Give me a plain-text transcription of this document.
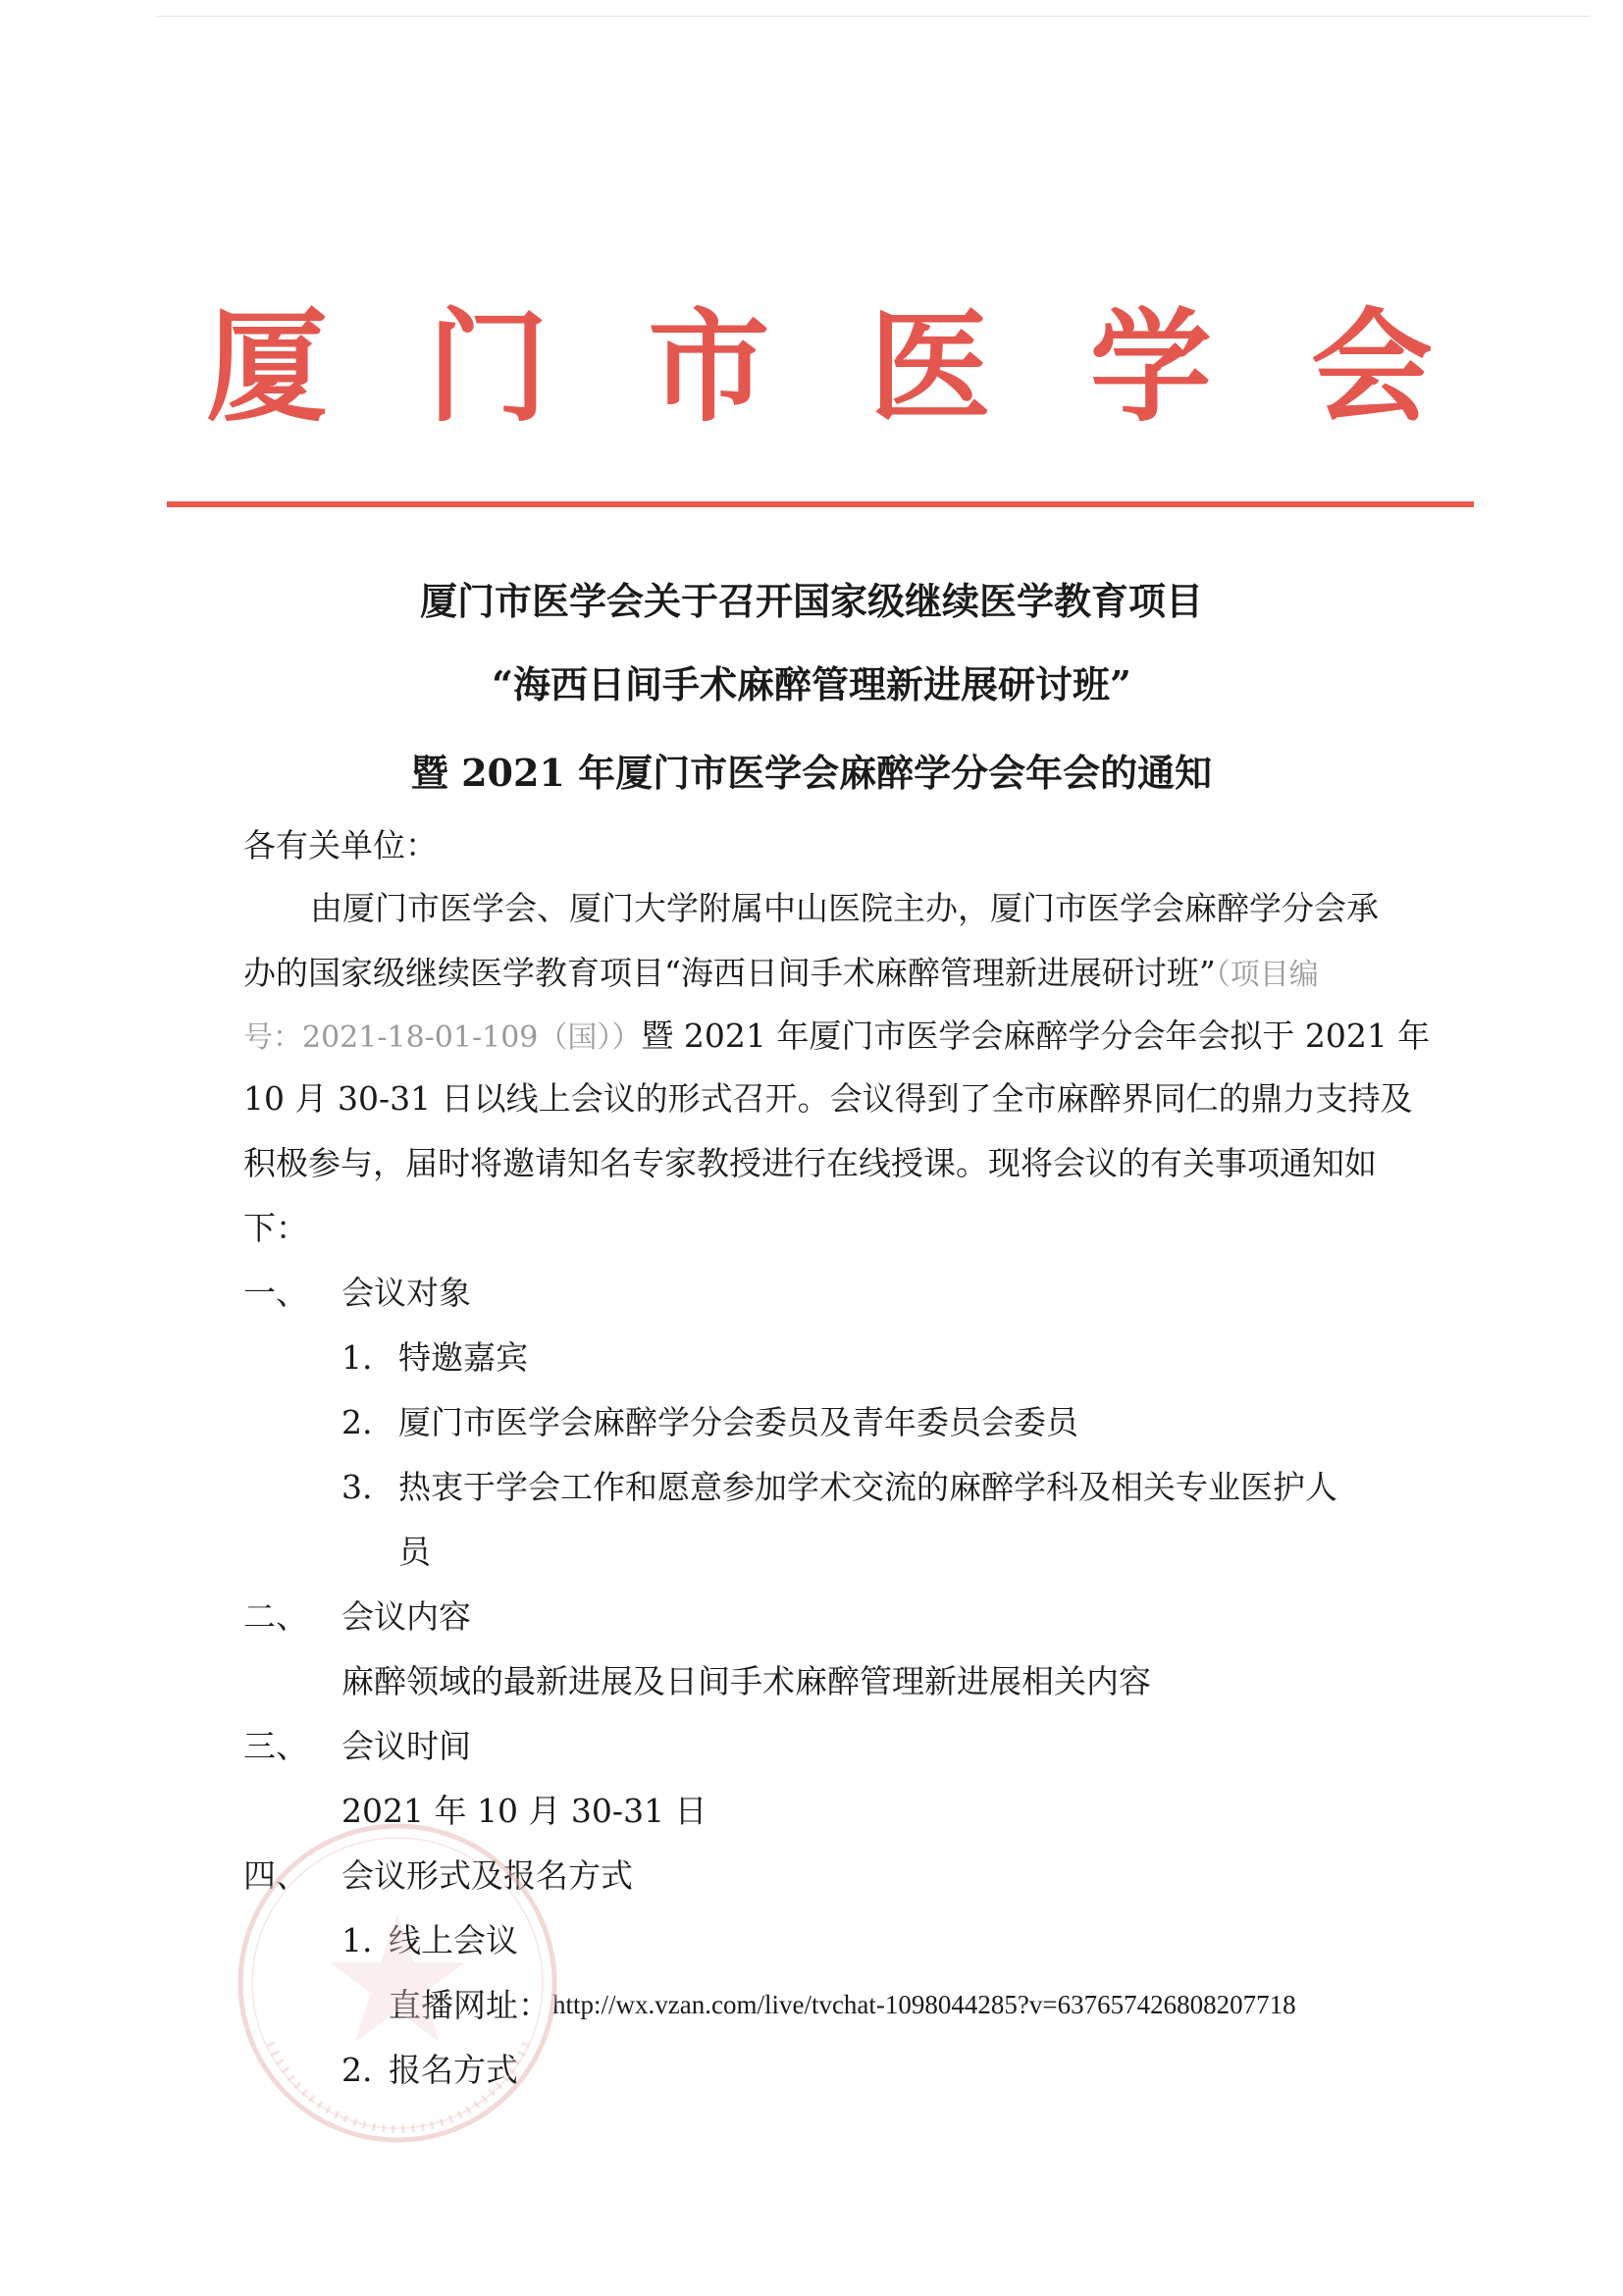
厦 门 市 医 学 会
厦门市医学会关于召开国家级继续医学教育项目
“海西日间手术麻醉管理新进展研讨班”
暨 2021 年厦门市医学会麻醉学分会年会的通知
各有关单位：
由厦门市医学会、厦门大学附属中山医院主办，厦门市医学会麻醉学分会承
办的国家级继续医学教育项目“海西日间手术麻醉管理新进展研讨班”（项目编
号：2021-18-01-109（国））暨 2021 年厦门市医学会麻醉学分会年会拟于 2021 年
10 月 30-31 日以线上会议的形式召开。会议得到了全市麻醉界同仁的鼎力支持及
积极参与，届时将邀请知名专家教授进行在线授课。现将会议的有关事项通知如
下：
一、 会议对象
1. 特邀嘉宾
2. 厦门市医学会麻醉学分会委员及青年委员会委员
3. 热衷于学会工作和愿意参加学术交流的麻醉学科及相关专业医护人
员
二、 会议内容
麻醉领域的最新进展及日间手术麻醉管理新进展相关内容
三、 会议时间
2021 年 10 月 30-31 日
四、 会议形式及报名方式
1. 线上会议
直播网址： http://wx.vzan.com/live/tvchat-1098044285?v=637657426808207718
2. 报名方式
